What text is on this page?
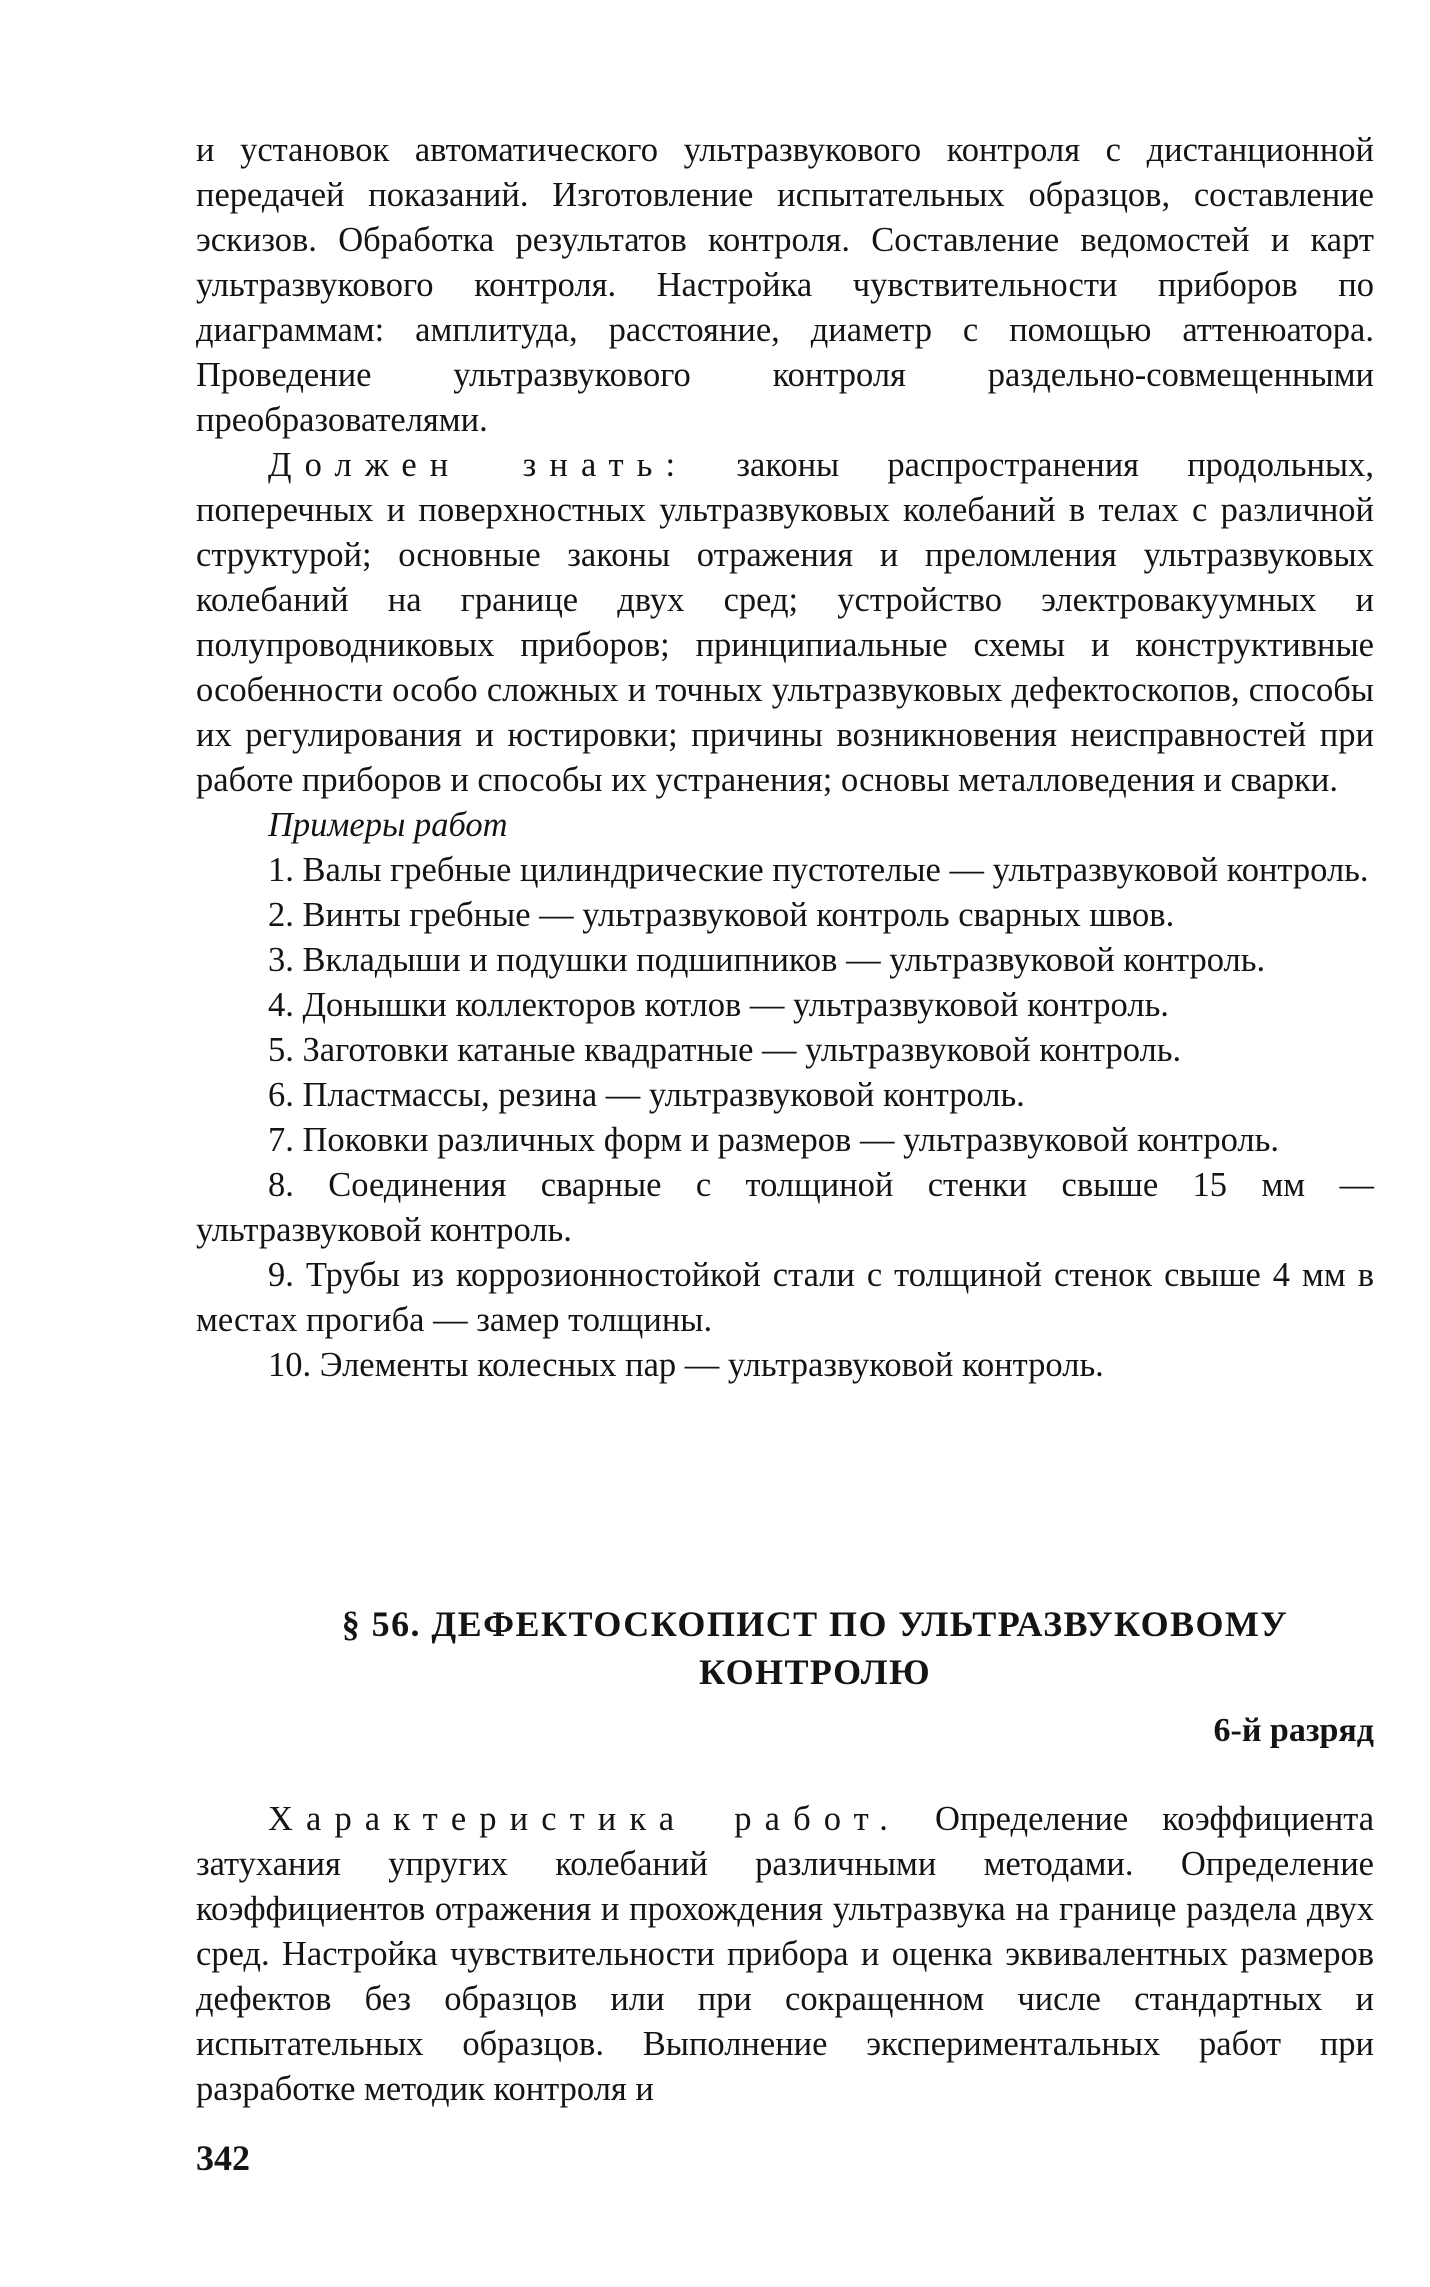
и установок автоматического ультразвукового контроля с дистанционной передачей показаний. Изготовление испытательных образцов, составление эскизов. Обработка результатов контроля. Составление ведомостей и карт ультразвукового контроля. Настройка чувствительности приборов по диаграммам: амплитуда, расстояние, диаметр с помощью аттенюатора. Проведение ультразвукового контроля раздельно-совмещенными преобразователями.

Должен знать: законы распространения продольных, поперечных и поверхностных ультразвуковых колебаний в телах с различной структурой; основные законы отражения и преломления ультразвуковых колебаний на границе двух сред; устройство электровакуумных и полупроводниковых приборов; принципиальные схемы и конструктивные особенности особо сложных и точных ультразвуковых дефектоскопов, способы их регулирования и юстировки; причины возникновения неисправностей при работе приборов и способы их устранения; основы металловедения и сварки.

Примеры работ

1. Валы гребные цилиндрические пустотелые — ультразвуковой контроль.

2. Винты гребные — ультразвуковой контроль сварных швов.

3. Вкладыши и подушки подшипников — ультразвуковой контроль.

4. Донышки коллекторов котлов — ультразвуковой контроль.

5. Заготовки катаные квадратные — ультразвуковой контроль.

6. Пластмассы, резина — ультразвуковой контроль.

7. Поковки различных форм и размеров — ультразвуковой контроль.

8. Соединения сварные с толщиной стенки свыше 15 мм — ультразвуковой контроль.

9. Трубы из коррозионностойкой стали с толщиной стенок свыше 4 мм в местах прогиба — замер толщины.

10. Элементы колесных пар — ультразвуковой контроль.

§ 56. ДЕФЕКТОСКОПИСТ ПО УЛЬТРАЗВУКОВОМУ
КОНТРОЛЮ
6-й разряд

Характеристика работ. Определение коэффициента затухания упругих колебаний различными методами. Определение коэффициентов отражения и прохождения ультразвука на границе раздела двух сред. Настройка чувствительности прибора и оценка эквивалентных размеров дефектов без образцов или при сокращенном числе стандартных и испытательных образцов. Выполнение экспериментальных работ при разработке методик контроля и

342
